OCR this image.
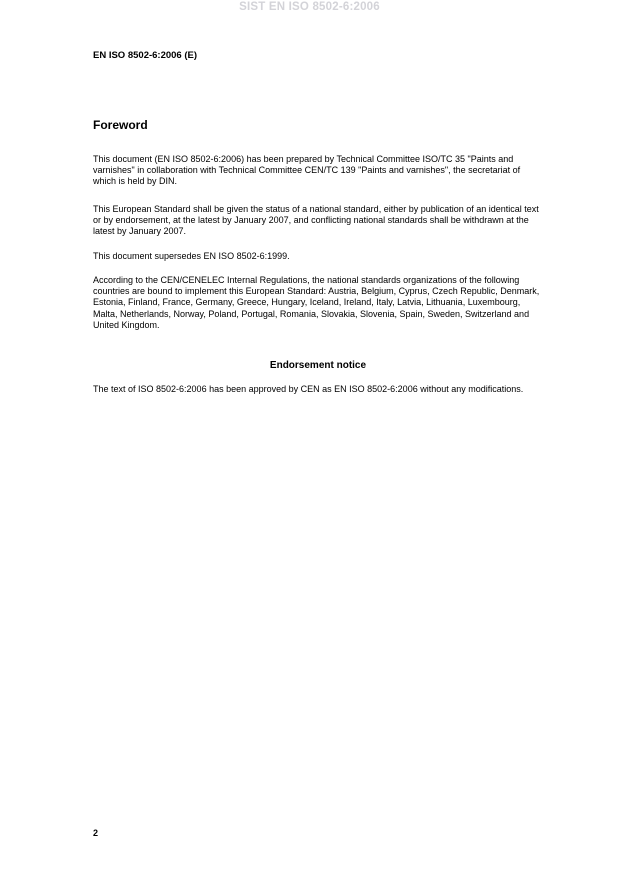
SIST EN ISO 8502-6:2006
EN ISO 8502-6:2006 (E)
Foreword

This document (EN ISO 8502-6:2006) has been prepared by Technical Committee ISO/TC 35 "Paints and varnishes" in collaboration with Technical Committee CEN/TC 139 "Paints and varnishes", the secretariat of which is held by DIN.

This European Standard shall be given the status of a national standard, either by publication of an identical text or by endorsement, at the latest by January 2007, and conflicting national standards shall be withdrawn at the latest by January 2007.

This document supersedes EN ISO 8502-6:1999.

According to the CEN/CENELEC Internal Regulations, the national standards organizations of the following countries are bound to implement this European Standard: Austria, Belgium, Cyprus, Czech Republic, Denmark, Estonia, Finland, France, Germany, Greece, Hungary, Iceland, Ireland, Italy, Latvia, Lithuania, Luxembourg, Malta, Netherlands, Norway, Poland, Portugal, Romania, Slovakia, Slovenia, Spain, Sweden, Switzerland and United Kingdom.

Endorsement notice

The text of ISO 8502-6:2006 has been approved by CEN as EN ISO 8502-6:2006 without any modifications.

2
